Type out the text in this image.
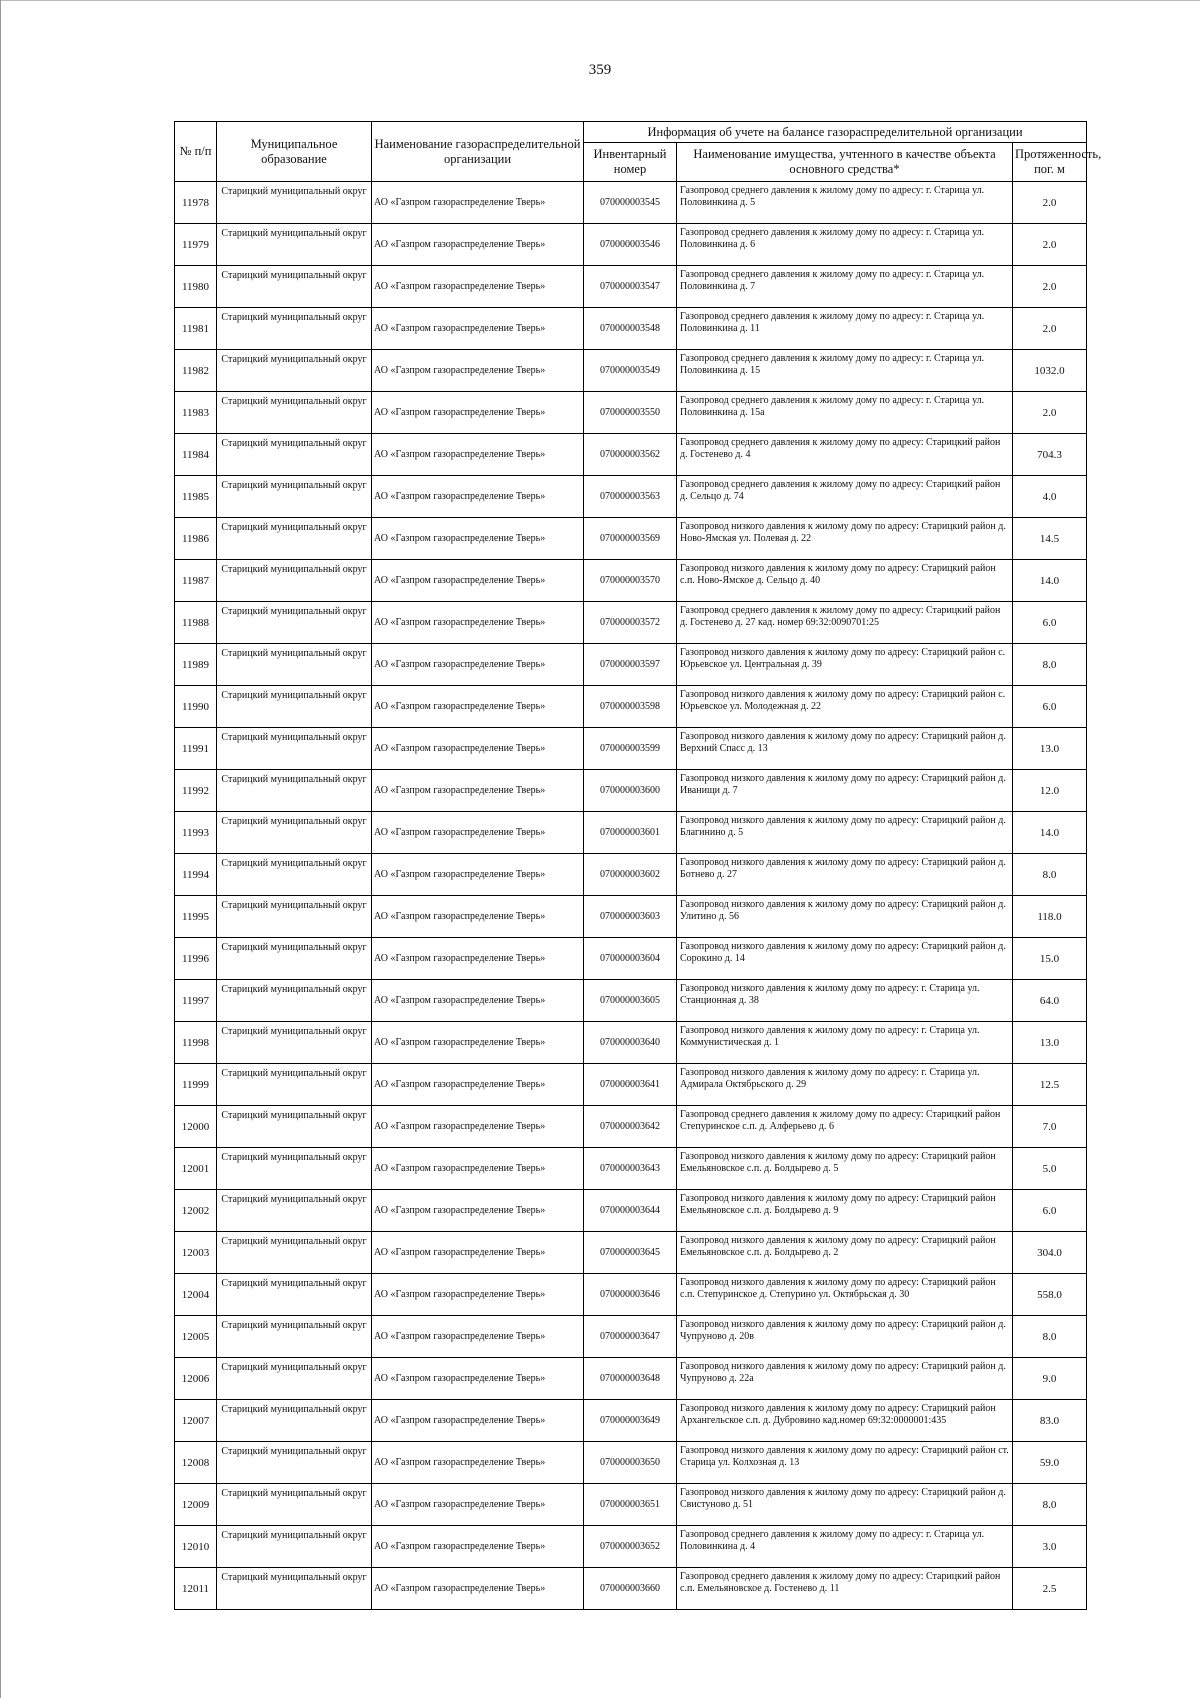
359
№ п/п	Муниципальное образование	Наименование газораспределительной организации	Информация об учете на балансе газораспределительной организации		
			Инвентарный номер	Наименование имущества, учтенного в качестве объекта основного средства*	Протяженность, пог. м
11978	Старицкий муниципальный округ	АО «Газпром газораспределение Тверь»	070000003545	Газопровод среднего давления к жилому дому по адресу: г. Старица ул. Половинкина д. 5	2.0
11979	Старицкий муниципальный округ	АО «Газпром газораспределение Тверь»	070000003546	Газопровод среднего давления к жилому дому по адресу: г. Старица ул. Половинкина д. 6	2.0
11980	Старицкий муниципальный округ	АО «Газпром газораспределение Тверь»	070000003547	Газопровод среднего давления к жилому дому по адресу: г. Старица ул. Половинкина д. 7	2.0
11981	Старицкий муниципальный округ	АО «Газпром газораспределение Тверь»	070000003548	Газопровод среднего давления к жилому дому по адресу: г. Старица ул. Половинкина д. 11	2.0
11982	Старицкий муниципальный округ	АО «Газпром газораспределение Тверь»	070000003549	Газопровод среднего давления к жилому дому по адресу: г. Старица ул. Половинкина д. 15	1032.0
11983	Старицкий муниципальный округ	АО «Газпром газораспределение Тверь»	070000003550	Газопровод среднего давления к жилому дому по адресу: г. Старица ул. Половинкина д. 15а	2.0
11984	Старицкий муниципальный округ	АО «Газпром газораспределение Тверь»	070000003562	Газопровод среднего давления к жилому дому по адресу: Старицкий район д. Гостенево д. 4	704.3
11985	Старицкий муниципальный округ	АО «Газпром газораспределение Тверь»	070000003563	Газопровод среднего давления к жилому дому по адресу: Старицкий район д. Сельцо д. 74	4.0
11986	Старицкий муниципальный округ	АО «Газпром газораспределение Тверь»	070000003569	Газопровод низкого давления к жилому дому по адресу: Старицкий район д. Ново-Ямская ул. Полевая д. 22	14.5
11987	Старицкий муниципальный округ	АО «Газпром газораспределение Тверь»	070000003570	Газопровод низкого давления к жилому дому по адресу: Старицкий район с.п. Ново-Ямское д. Сельцо д. 40	14.0
11988	Старицкий муниципальный округ	АО «Газпром газораспределение Тверь»	070000003572	Газопровод среднего давления к жилому дому по адресу: Старицкий район д. Гостенево д. 27 кад. номер 69:32:0090701:25	6.0
11989	Старицкий муниципальный округ	АО «Газпром газораспределение Тверь»	070000003597	Газопровод низкого давления к жилому дому по адресу: Старицкий район с. Юрьевское ул. Центральная д. 39	8.0
11990	Старицкий муниципальный округ	АО «Газпром газораспределение Тверь»	070000003598	Газопровод низкого давления к жилому дому по адресу: Старицкий район с. Юрьевское ул. Молодежная д. 22	6.0
11991	Старицкий муниципальный округ	АО «Газпром газораспределение Тверь»	070000003599	Газопровод низкого давления к жилому дому по адресу: Старицкий район д. Верхний Спасс д. 13	13.0
11992	Старицкий муниципальный округ	АО «Газпром газораспределение Тверь»	070000003600	Газопровод низкого давления к жилому дому по адресу: Старицкий район д. Иванищи д. 7	12.0
11993	Старицкий муниципальный округ	АО «Газпром газораспределение Тверь»	070000003601	Газопровод низкого давления к жилому дому по адресу: Старицкий район д. Благинино д. 5	14.0
11994	Старицкий муниципальный округ	АО «Газпром газораспределение Тверь»	070000003602	Газопровод низкого давления к жилому дому по адресу: Старицкий район д. Ботнево д. 27	8.0
11995	Старицкий муниципальный округ	АО «Газпром газораспределение Тверь»	070000003603	Газопровод низкого давления к жилому дому по адресу: Старицкий район д. Улитино д. 56	118.0
11996	Старицкий муниципальный округ	АО «Газпром газораспределение Тверь»	070000003604	Газопровод низкого давления к жилому дому по адресу: Старицкий район д. Сорокино д. 14	15.0
11997	Старицкий муниципальный округ	АО «Газпром газораспределение Тверь»	070000003605	Газопровод низкого давления к жилому дому по адресу: г. Старица ул. Станционная д. 38	64.0
11998	Старицкий муниципальный округ	АО «Газпром газораспределение Тверь»	070000003640	Газопровод низкого давления к жилому дому по адресу: г. Старица ул. Коммунистическая д. 1	13.0
11999	Старицкий муниципальный округ	АО «Газпром газораспределение Тверь»	070000003641	Газопровод низкого давления к жилому дому по адресу: г. Старица ул. Адмирала Октябрьского д. 29	12.5
12000	Старицкий муниципальный округ	АО «Газпром газораспределение Тверь»	070000003642	Газопровод среднего давления к жилому дому по адресу: Старицкий район Степуринское с.п. д. Алферьево д. 6	7.0
12001	Старицкий муниципальный округ	АО «Газпром газораспределение Тверь»	070000003643	Газопровод низкого давления к жилому дому по адресу: Старицкий район Емельяновское с.п. д. Болдырево д. 5	5.0
12002	Старицкий муниципальный округ	АО «Газпром газораспределение Тверь»	070000003644	Газопровод низкого давления к жилому дому по адресу: Старицкий район Емельяновское с.п. д. Болдырево д. 9	6.0
12003	Старицкий муниципальный округ	АО «Газпром газораспределение Тверь»	070000003645	Газопровод низкого давления к жилому дому по адресу: Старицкий район Емельяновское с.п. д. Болдырево д. 2	304.0
12004	Старицкий муниципальный округ	АО «Газпром газораспределение Тверь»	070000003646	Газопровод низкого давления к жилому дому по адресу: Старицкий район с.п. Степуринское д. Степурино ул. Октябрьская д. 30	558.0
12005	Старицкий муниципальный округ	АО «Газпром газораспределение Тверь»	070000003647	Газопровод низкого давления к жилому дому по адресу: Старицкий район д. Чупруново д. 20в	8.0
12006	Старицкий муниципальный округ	АО «Газпром газораспределение Тверь»	070000003648	Газопровод низкого давления к жилому дому по адресу: Старицкий район д. Чупруново д. 22а	9.0
12007	Старицкий муниципальный округ	АО «Газпром газораспределение Тверь»	070000003649	Газопровод низкого давления к жилому дому по адресу: Старицкий район Архангельское с.п. д. Дубровино кад.номер 69:32:0000001:435	83.0
12008	Старицкий муниципальный округ	АО «Газпром газораспределение Тверь»	070000003650	Газопровод низкого давления к жилому дому по адресу: Старицкий район ст. Старица ул. Колхозная д. 13	59.0
12009	Старицкий муниципальный округ	АО «Газпром газораспределение Тверь»	070000003651	Газопровод низкого давления к жилому дому по адресу: Старицкий район д. Свистуново д. 51	8.0
12010	Старицкий муниципальный округ	АО «Газпром газораспределение Тверь»	070000003652	Газопровод среднего давления к жилому дому по адресу: г. Старица ул. Половинкина д. 4	3.0
12011	Старицкий муниципальный округ	АО «Газпром газораспределение Тверь»	070000003660	Газопровод среднего давления к жилому дому по адресу: Старицкий район с.п. Емельяновское д. Гостенево д. 11	2.5
